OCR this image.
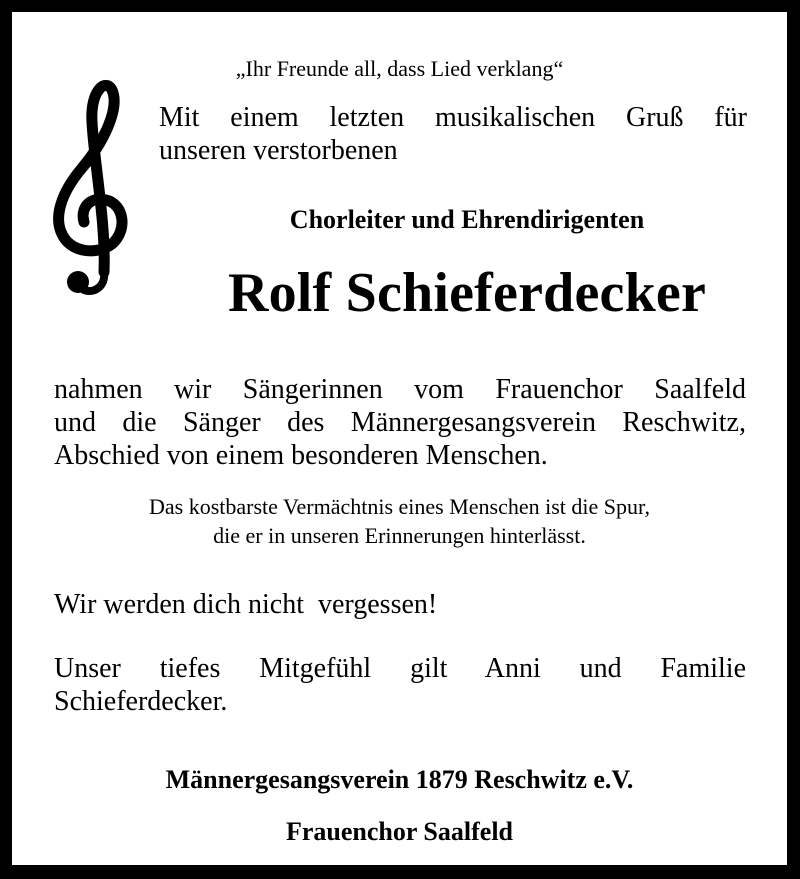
„Ihr Freunde all, dass Lied verklang“
Mit einem letzten musikalischen Gruß für
unseren verstorbenen
Chorleiter und Ehrendirigenten
Rolf Schieferdecker
nahmen wir Sängerinnen vom Frauenchor Saalfeld
und die Sänger des Männergesangsverein Reschwitz,
Abschied von einem besonderen Menschen.
Das kostbarste Vermächtnis eines Menschen ist die Spur,
die er in unseren Erinnerungen hinterlässt.
Wir werden dich nicht  vergessen!
Unser tiefes Mitgefühl gilt Anni und Familie
Schieferdecker.
Männergesangsverein 1879 Reschwitz e.V.
Frauenchor Saalfeld
